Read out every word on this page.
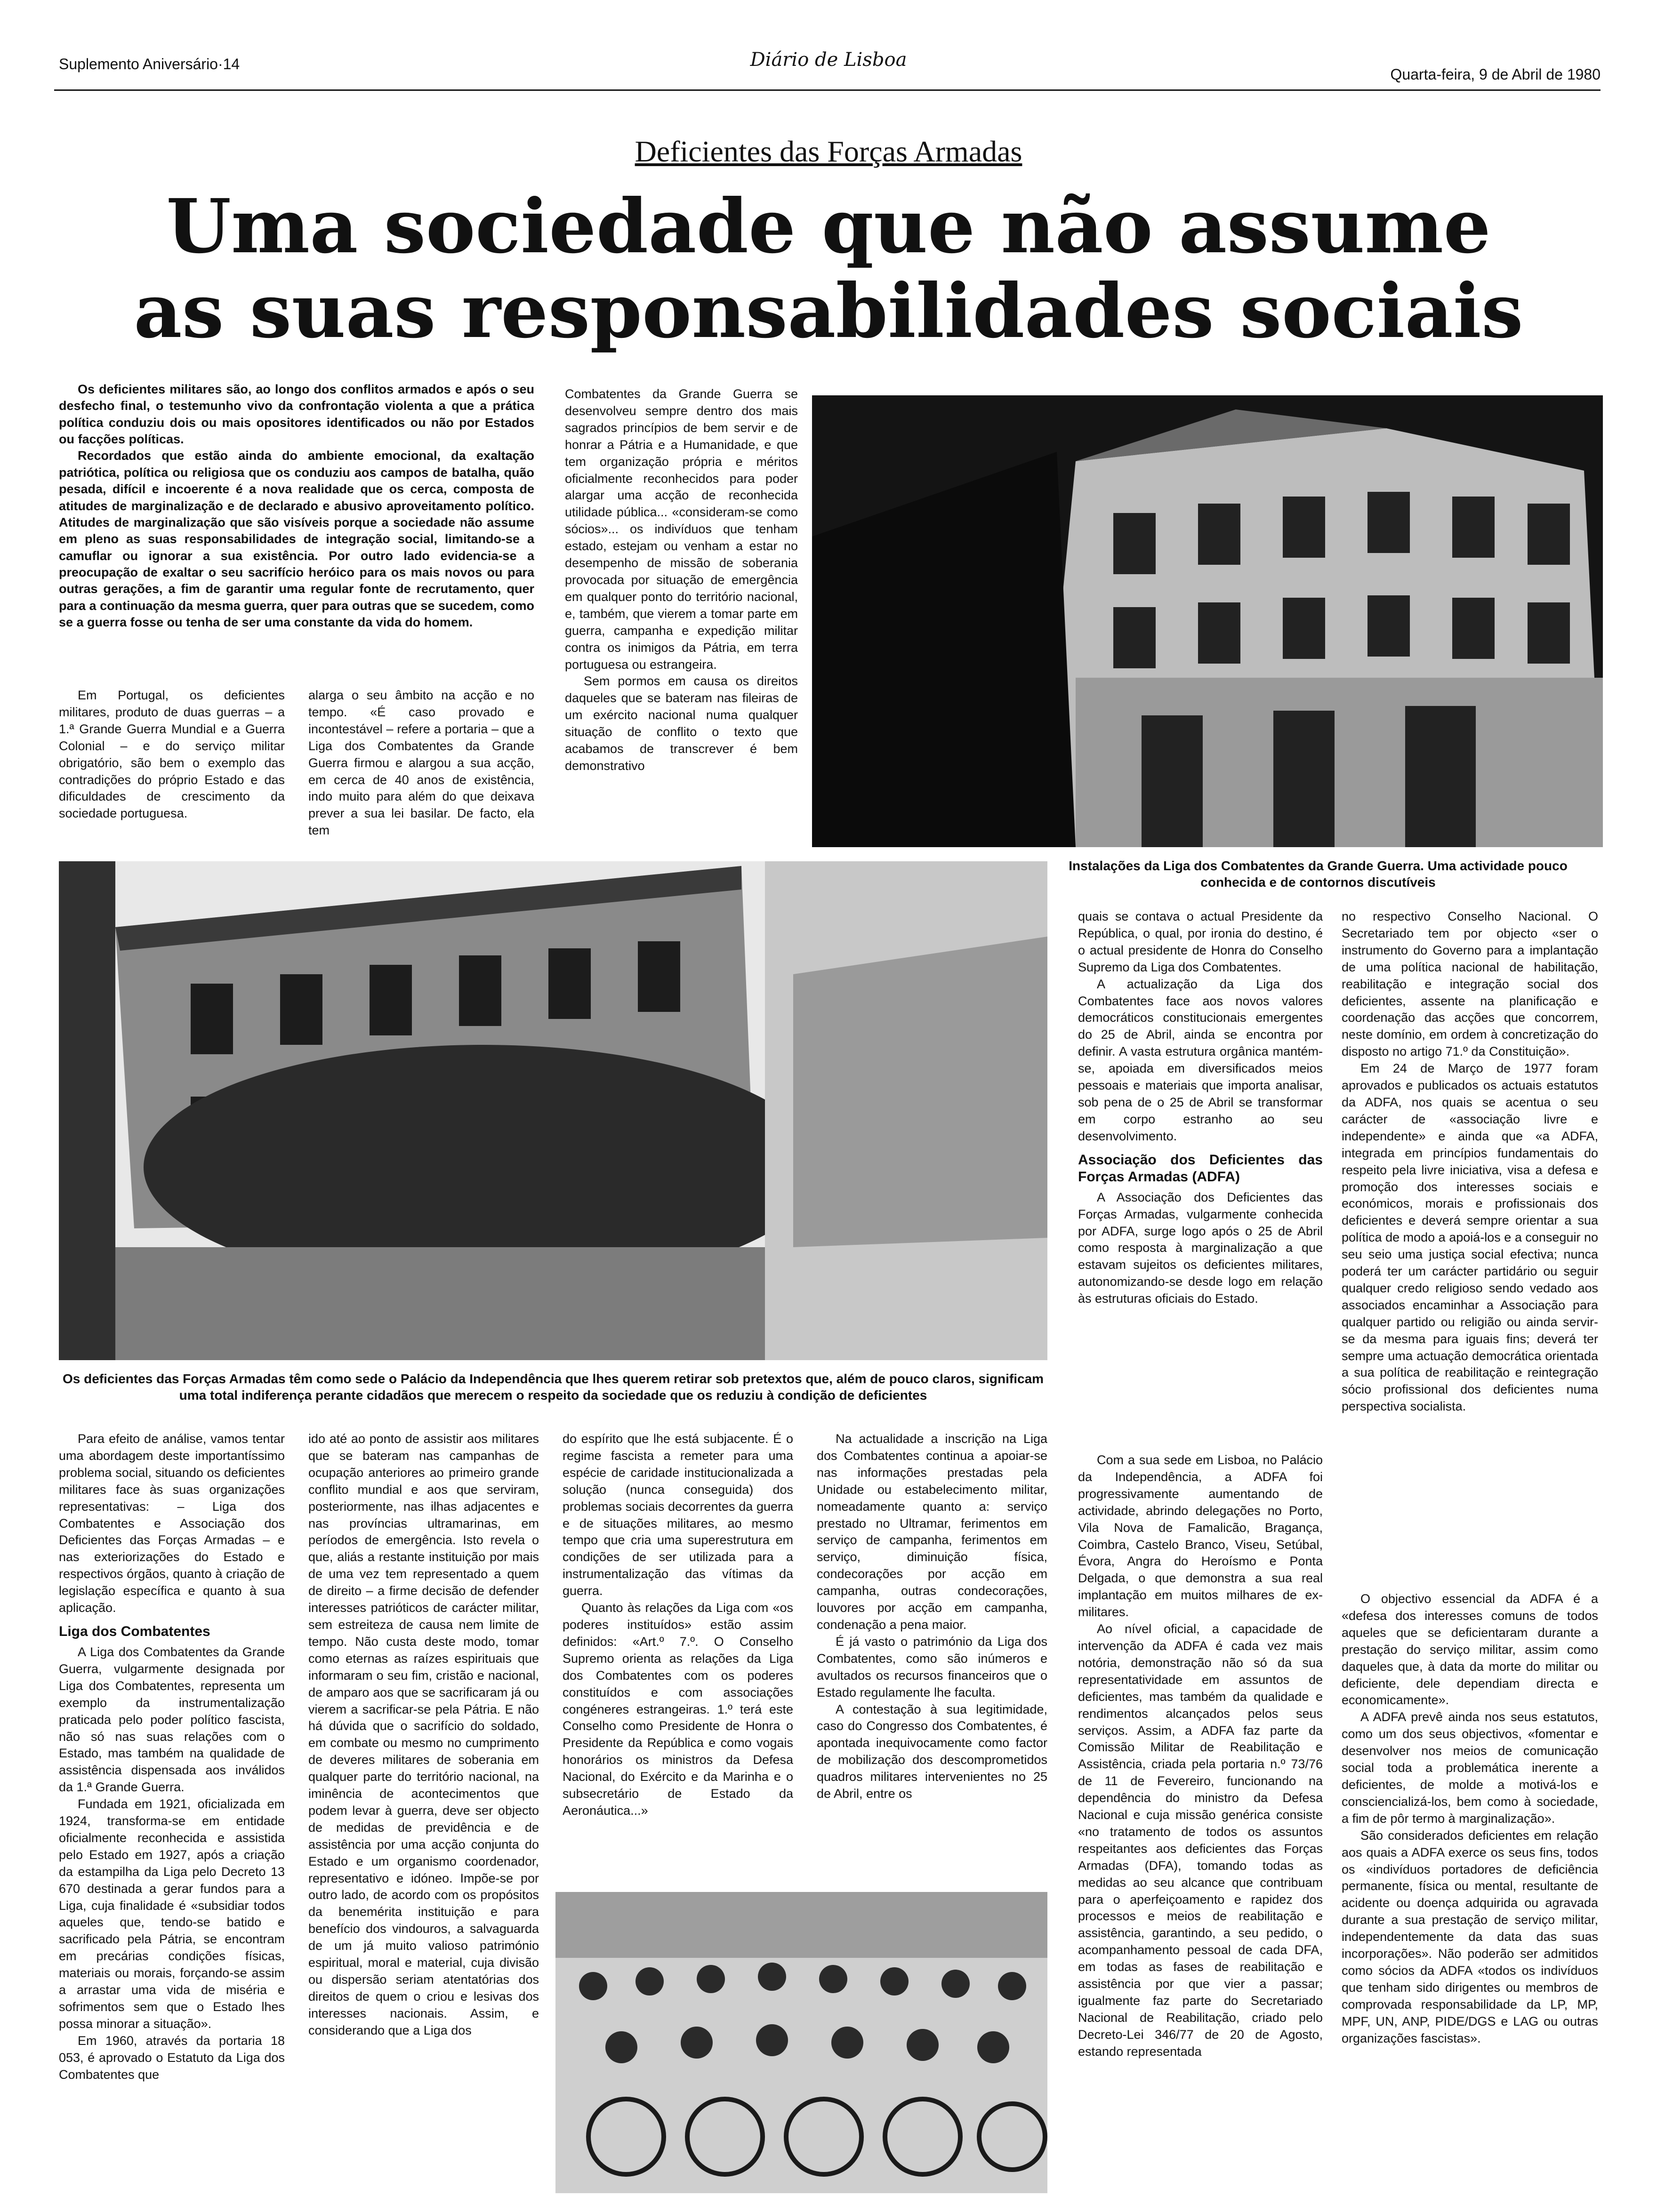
Suplemento Aniversário·14	Diário de Lisboa
Quarta-feira, 9 de Abril de 1980
Deficientes das Forças Armadas
Uma sociedade que não assume
as suas responsabilidades sociais

Os deficientes militares são, ao longo dos conflitos armados e após o seu desfecho final, o testemunho vivo da confrontação violenta a que a prática política conduziu dois ou mais opositores identificados ou não por Estados ou facções políticas.

Recordados que estão ainda do ambiente emocional, da exaltação patriótica, política ou religiosa que os conduziu aos campos de batalha, quão pesada, difícil e incoerente é a nova realidade que os cerca, composta de atitudes de marginalização e de declarado e abusivo aproveitamento político. Atitudes de marginalização que são visíveis porque a sociedade não assume em pleno as suas responsabilidades de integração social, limitando-se a camuflar ou ignorar a sua existência. Por outro lado evidencia-se a preocupação de exaltar o seu sacrifício heróico para os mais novos ou para outras gerações, a fim de garantir uma regular fonte de recrutamento, quer para a continuação da mesma guerra, quer para outras que se sucedem, como se a guerra fosse ou tenha de ser uma constante da vida do homem.

Em Portugal, os deficientes militares, produto de duas guerras – a 1.ª Grande Guerra Mundial e a Guerra Colonial – e do serviço militar obrigatório, são bem o exemplo das contradições do próprio Estado e das dificuldades de crescimento da sociedade portuguesa.

alarga o seu âmbito na acção e no tempo. «É caso provado e incontestável – refere a portaria – que a Liga dos Combatentes da Grande Guerra firmou e alargou a sua acção, em cerca de 40 anos de existência, indo muito para além do que deixava prever a sua lei basilar. De facto, ela tem

Combatentes da Grande Guerra se desenvolveu sempre dentro dos mais sagrados princípios de bem servir e de honrar a Pátria e a Humanidade, e que tem organização própria e méritos oficialmente reconhecidos para poder alargar uma acção de reconhecida utilidade pública... «consideram-se como sócios»... os indivíduos que tenham estado, estejam ou venham a estar no desempenho de missão de soberania provocada por situação de emergência em qualquer ponto do território nacional, e, também, que vierem a tomar parte em guerra, campanha e expedição militar contra os inimigos da Pátria, em terra portuguesa ou estrangeira.

Sem pormos em causa os direitos daqueles que se bateram nas fileiras de um exército nacional numa qualquer situação de conflito o texto que acabamos de transcrever é bem demonstrativo

Instalações da Liga dos Combatentes da Grande Guerra. Uma actividade pouco conhecida e de contornos discutíveis
Os deficientes das Forças Armadas têm como sede o Palácio da Independência que lhes querem retirar sob pretextos que, além de pouco claros, significam uma total indiferença perante cidadãos que merecem o respeito da sociedade que os reduziu à condição de deficientes

quais se contava o actual Presidente da República, o qual, por ironia do destino, é o actual presidente de Honra do Conselho Supremo da Liga dos Combatentes.

A actualização da Liga dos Combatentes face aos novos valores democráticos constitucionais emergentes do 25 de Abril, ainda se encontra por definir. A vasta estrutura orgânica mantém-se, apoiada em diversificados meios pessoais e materiais que importa analisar, sob pena de o 25 de Abril se transformar em corpo estranho ao seu desenvolvimento.

Associação dos Deficientes das Forças Armadas (ADFA)

A Associação dos Deficientes das Forças Armadas, vulgarmente conhecida por ADFA, surge logo após o 25 de Abril como resposta à marginalização a que estavam sujeitos os deficientes militares, autonomizando-se desde logo em relação às estruturas oficiais do Estado.

no respectivo Conselho Nacional. O Secretariado tem por objecto «ser o instrumento do Governo para a implantação de uma política nacional de habilitação, reabilitação e integração social dos deficientes, assente na planificação e coordenação das acções que concorrem, neste domínio, em ordem à concretização do disposto no artigo 71.º da Constituição».

Em 24 de Março de 1977 foram aprovados e publicados os actuais estatutos da ADFA, nos quais se acentua o seu carácter de «associação livre e independente» e ainda que «a ADFA, integrada em princípios fundamentais do respeito pela livre iniciativa, visa a defesa e promoção dos interesses sociais e económicos, morais e profissionais dos deficientes e deverá sempre orientar a sua política de modo a apoiá-los e a conseguir no seu seio uma justiça social efectiva; nunca poderá ter um carácter partidário ou seguir qualquer credo religioso sendo vedado aos associados encaminhar a Associação para qualquer partido ou religião ou ainda servir-se da mesma para iguais fins; deverá ter sempre uma actuação democrática orientada a sua política de reabilitação e reintegração sócio profissional dos deficientes numa perspectiva socialista.

Para efeito de análise, vamos tentar uma abordagem deste importantíssimo problema social, situando os deficientes militares face às suas organizações representativas: – Liga dos Combatentes e Associação dos Deficientes das Forças Armadas – e nas exteriorizações do Estado e respectivos órgãos, quanto à criação de legislação específica e quanto à sua aplicação.

Liga dos Combatentes

A Liga dos Combatentes da Grande Guerra, vulgarmente designada por Liga dos Combatentes, representa um exemplo da instrumentalização praticada pelo poder político fascista, não só nas suas relações com o Estado, mas também na qualidade de assistência dispensada aos inválidos da 1.ª Grande Guerra.

Fundada em 1921, oficializada em 1924, transforma-se em entidade oficialmente reconhecida e assistida pelo Estado em 1927, após a criação da estampilha da Liga pelo Decreto 13 670 destinada a gerar fundos para a Liga, cuja finalidade é «subsidiar todos aqueles que, tendo-se batido e sacrificado pela Pátria, se encontram em precárias condições físicas, materiais ou morais, forçando-se assim a arrastar uma vida de miséria e sofrimentos sem que o Estado lhes possa minorar a situação».

Em 1960, através da portaria 18 053, é aprovado o Estatuto da Liga dos Combatentes que

ido até ao ponto de assistir aos militares que se bateram nas campanhas de ocupação anteriores ao primeiro grande conflito mundial e aos que serviram, posteriormente, nas ilhas adjacentes e nas províncias ultramarinas, em períodos de emergência. Isto revela o que, aliás a restante instituição por mais de uma vez tem representado a quem de direito – a firme decisão de defender interesses patrióticos de carácter militar, sem estreiteza de causa nem limite de tempo. Não custa deste modo, tomar como eternas as raízes espirituais que informaram o seu fim, cristão e nacional, de amparo aos que se sacrificaram já ou vierem a sacrificar-se pela Pátria. E não há dúvida que o sacrifício do soldado, em combate ou mesmo no cumprimento de deveres militares de soberania em qualquer parte do território nacional, na iminência de acontecimentos que podem levar à guerra, deve ser objecto de medidas de previdência e de assistência por uma acção conjunta do Estado e um organismo coordenador, representativo e idóneo. Impõe-se por outro lado, de acordo com os propósitos da benemérita instituição e para benefício dos vindouros, a salvaguarda de um já muito valioso património espiritual, moral e material, cuja divisão ou dispersão seriam atentatórias dos direitos de quem o criou e lesivas dos interesses nacionais. Assim, e considerando que a Liga dos

do espírito que lhe está subjacente. É o regime fascista a remeter para uma espécie de caridade institucionalizada a solução (nunca conseguida) dos problemas sociais decorrentes da guerra e de situações militares, ao mesmo tempo que cria uma superestrutura em condições de ser utilizada para a instrumentalização das vítimas da guerra.

Quanto às relações da Liga com «os poderes instituídos» estão assim definidos: «Art.º 7.º. O Conselho Supremo orienta as relações da Liga dos Combatentes com os poderes constituídos e com associações congéneres estrangeiras. 1.º terá este Conselho como Presidente de Honra o Presidente da República e como vogais honorários os ministros da Defesa Nacional, do Exército e da Marinha e o subsecretário de Estado da Aeronáutica...»

Na actualidade a inscrição na Liga dos Combatentes continua a apoiar-se nas informações prestadas pela Unidade ou estabelecimento militar, nomeadamente quanto a: serviço prestado no Ultramar, ferimentos em serviço de campanha, ferimentos em serviço, diminuição física, condecorações por acção em campanha, outras condecorações, louvores por acção em campanha, condenação a pena maior.

É já vasto o património da Liga dos Combatentes, como são inúmeros e avultados os recursos financeiros que o Estado regulamente lhe faculta.

A contestação à sua legitimidade, caso do Congresso dos Combatentes, é apontada inequivocamente como factor de mobilização dos descomprometidos quadros militares intervenientes no 25 de Abril, entre os

Com a sua sede em Lisboa, no Palácio da Independência, a ADFA foi progressivamente aumentando de actividade, abrindo delegações no Porto, Vila Nova de Famalicão, Bragança, Coimbra, Castelo Branco, Viseu, Setúbal, Évora, Angra do Heroísmo e Ponta Delgada, o que demonstra a sua real implantação em muitos milhares de ex-militares.

Ao nível oficial, a capacidade de intervenção da ADFA é cada vez mais notória, demonstração não só da sua representatividade em assuntos de deficientes, mas também da qualidade e rendimentos alcançados pelos seus serviços. Assim, a ADFA faz parte da Comissão Militar de Reabilitação e Assistência, criada pela portaria n.º 73/76 de 11 de Fevereiro, funcionando na dependência do ministro da Defesa Nacional e cuja missão genérica consiste «no tratamento de todos os assuntos respeitantes aos deficientes das Forças Armadas (DFA), tomando todas as medidas ao seu alcance que contribuam para o aperfeiçoamento e rapidez dos processos e meios de reabilitação e assistência, garantindo, a seu pedido, o acompanhamento pessoal de cada DFA, em todas as fases de reabilitação e assistência por que vier a passar; igualmente faz parte do Secretariado Nacional de Reabilitação, criado pelo Decreto-Lei 346/77 de 20 de Agosto, estando representada

O objectivo essencial da ADFA é a «defesa dos interesses comuns de todos aqueles que se deficientaram durante a prestação do serviço militar, assim como daqueles que, à data da morte do militar ou deficiente, dele dependiam directa e economicamente».

A ADFA prevê ainda nos seus estatutos, como um dos seus objectivos, «fomentar e desenvolver nos meios de comunicação social toda a problemática inerente a deficientes, de molde a motivá-los e consciencializá-los, bem como à sociedade, a fim de pôr termo à marginalização».

São considerados deficientes em relação aos quais a ADFA exerce os seus fins, todos os «indivíduos portadores de deficiência permanente, física ou mental, resultante de acidente ou doença adquirida ou agravada durante a sua prestação de serviço militar, independentemente da data das suas incorporações». Não poderão ser admitidos como sócios da ADFA «todos os indivíduos que tenham sido dirigentes ou membros de comprovada responsabilidade da LP, MP, MPF, UN, ANP, PIDE/DGS e LAG ou outras organizações fascistas».
